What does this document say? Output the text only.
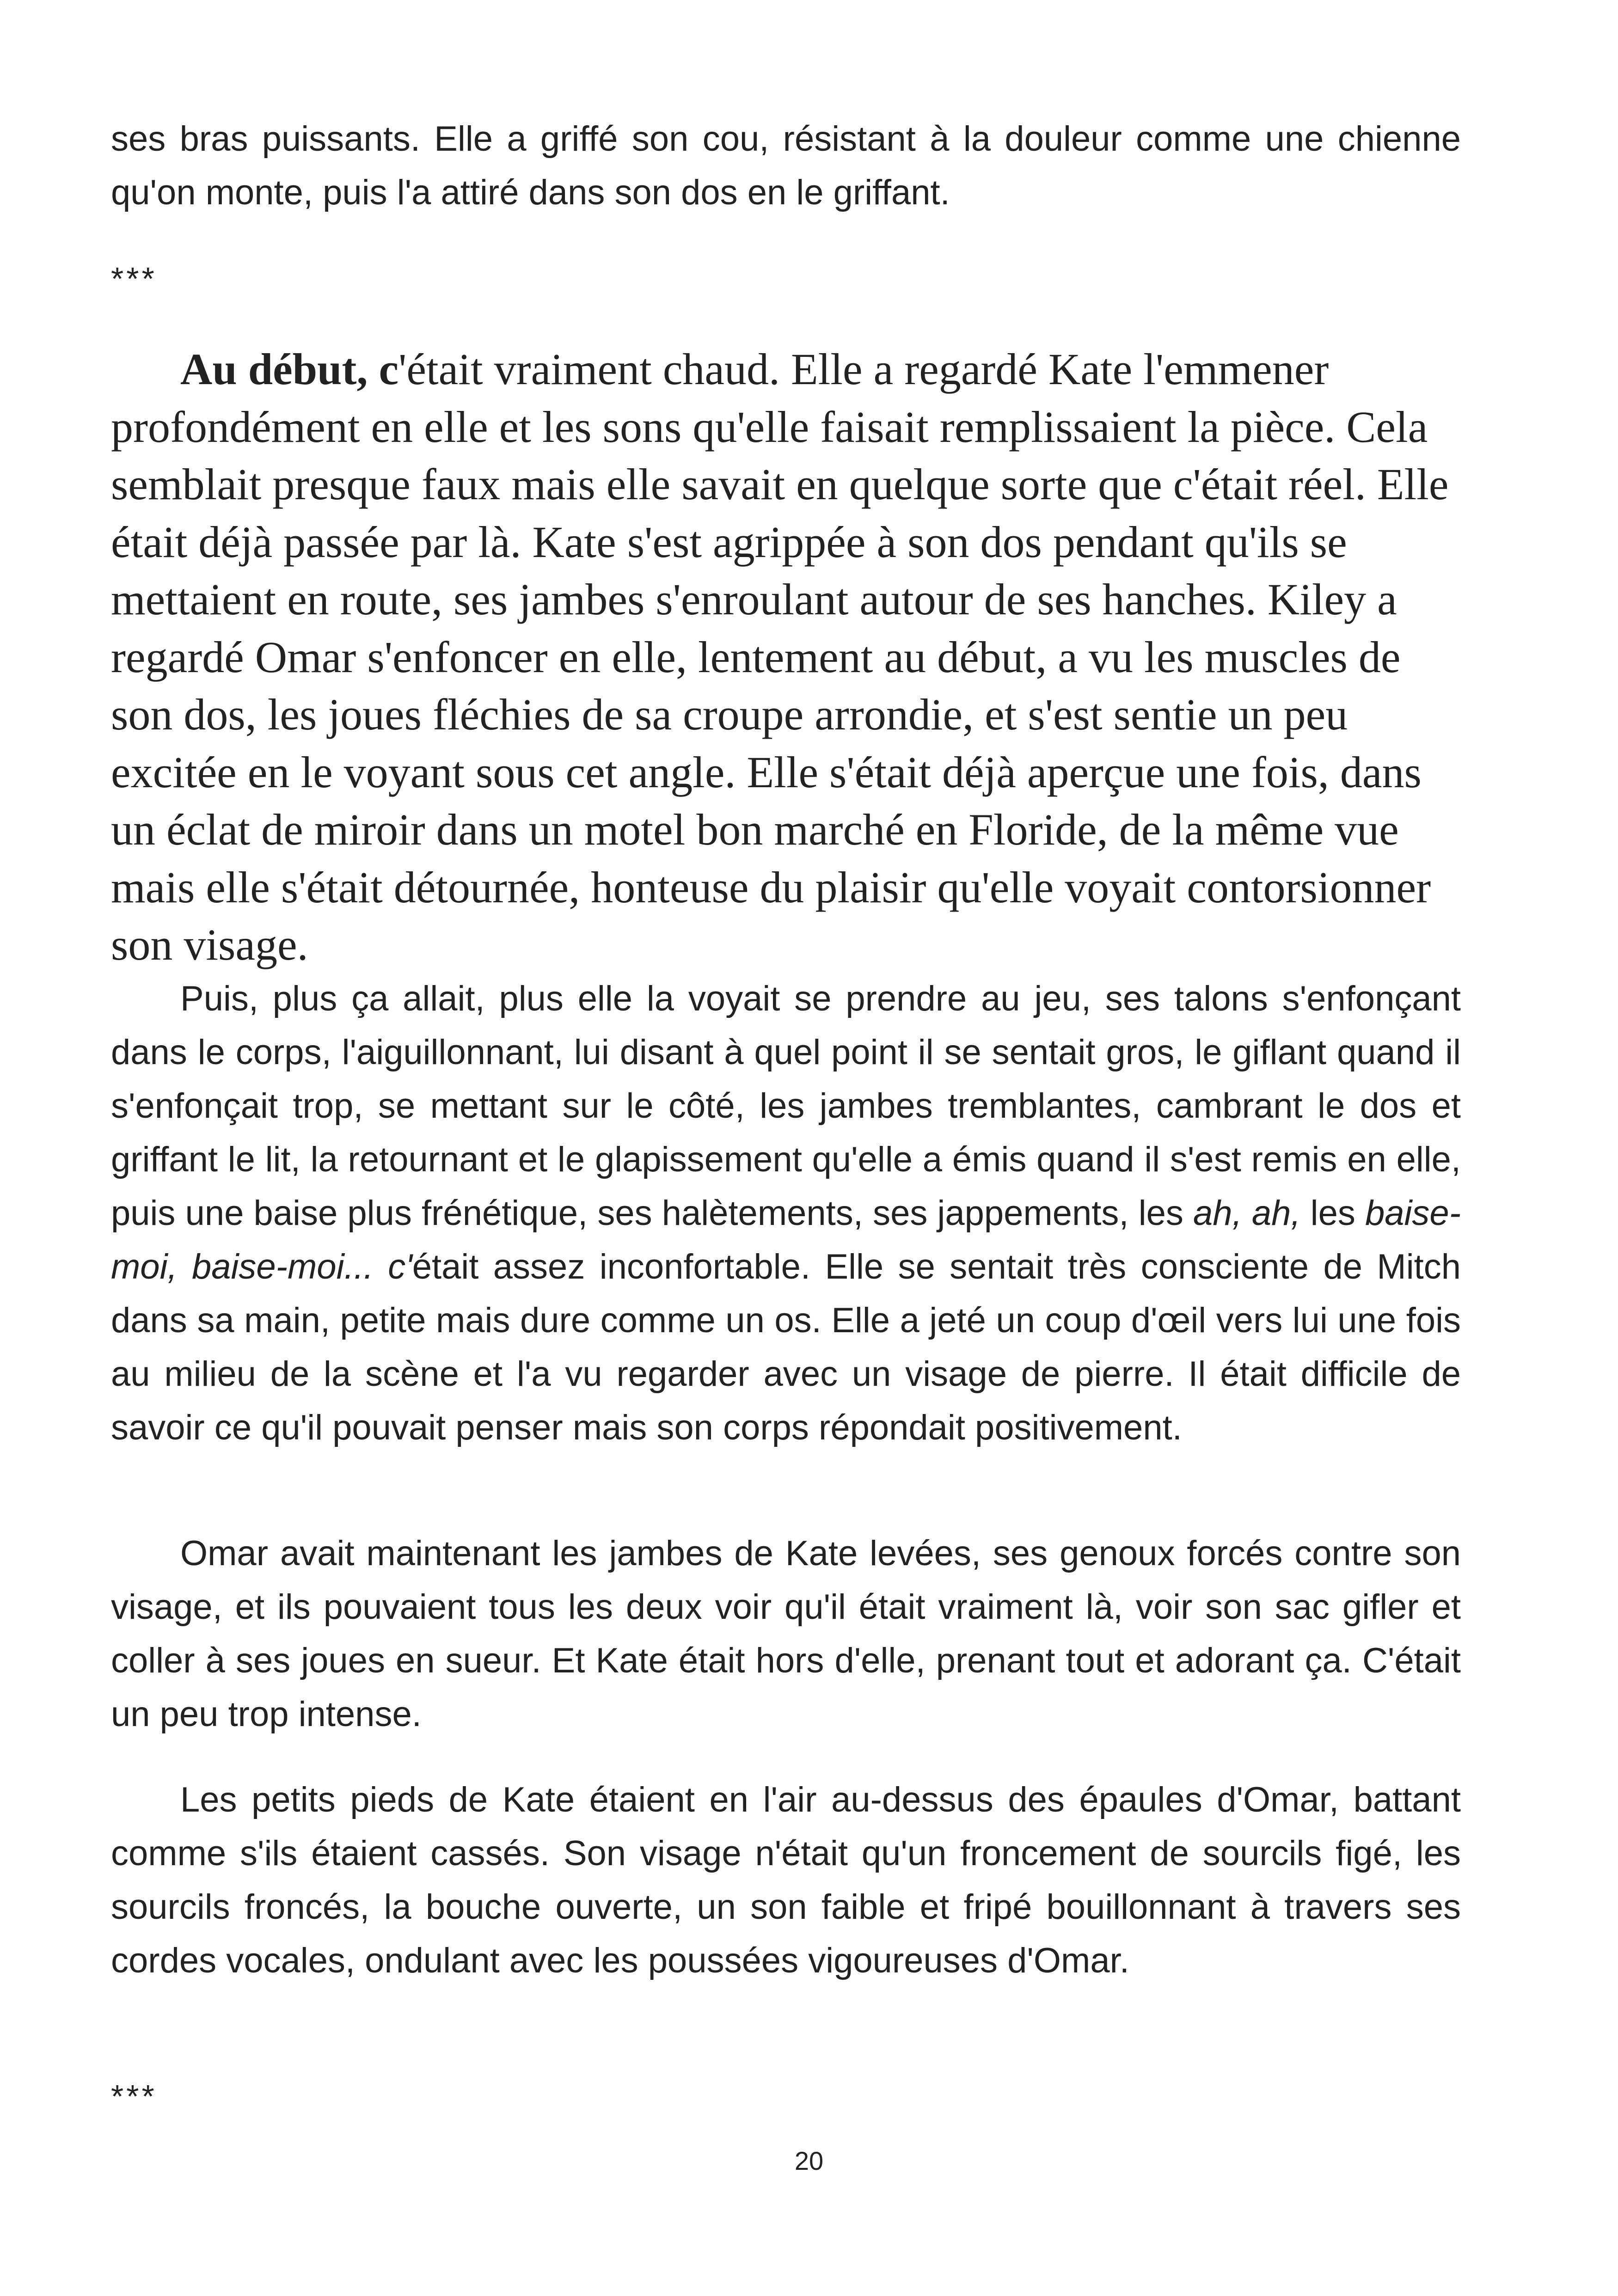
ses bras puissants. Elle a griffé son cou, résistant à la douleur comme une chienne qu'on monte, puis l'a attiré dans son dos en le griffant.

***

Au début, c'était vraiment chaud. Elle a regardé Kate l'emmener profondément en elle et les sons qu'elle faisait remplissaient la pièce. Cela semblait presque faux mais elle savait en quelque sorte que c'était réel. Elle était déjà passée par là. Kate s'est agrippée à son dos pendant qu'ils se mettaient en route, ses jambes s'enroulant autour de ses hanches. Kiley a regardé Omar s'enfoncer en elle, lentement au début, a vu les muscles de son dos, les joues fléchies de sa croupe arrondie, et s'est sentie un peu excitée en le voyant sous cet angle. Elle s'était déjà aperçue une fois, dans un éclat de miroir dans un motel bon marché en Floride, de la même vue mais elle s'était détournée, honteuse du plaisir qu'elle voyait contorsionner son visage.

Puis, plus ça allait, plus elle la voyait se prendre au jeu, ses talons s'enfonçant dans le corps, l'aiguillonnant, lui disant à quel point il se sentait gros, le giflant quand il s'enfonçait trop, se mettant sur le côté, les jambes tremblantes, cambrant le dos et griffant le lit, la retournant et le glapissement qu'elle a émis quand il s'est remis en elle, puis une baise plus frénétique, ses halètements, ses jappements, les ah, ah, les baise-moi, baise-moi... c'était assez inconfortable. Elle se sentait très consciente de Mitch dans sa main, petite mais dure comme un os. Elle a jeté un coup d'œil vers lui une fois au milieu de la scène et l'a vu regarder avec un visage de pierre. Il était difficile de savoir ce qu'il pouvait penser mais son corps répondait positivement.

Omar avait maintenant les jambes de Kate levées, ses genoux forcés contre son visage, et ils pouvaient tous les deux voir qu'il était vraiment là, voir son sac gifler et coller à ses joues en sueur. Et Kate était hors d'elle, prenant tout et adorant ça. C'était un peu trop intense.

Les petits pieds de Kate étaient en l'air au-dessus des épaules d'Omar, battant comme s'ils étaient cassés. Son visage n'était qu'un froncement de sourcils figé, les sourcils froncés, la bouche ouverte, un son faible et fripé bouillonnant à travers ses cordes vocales, ondulant avec les poussées vigoureuses d'Omar.

***
20
